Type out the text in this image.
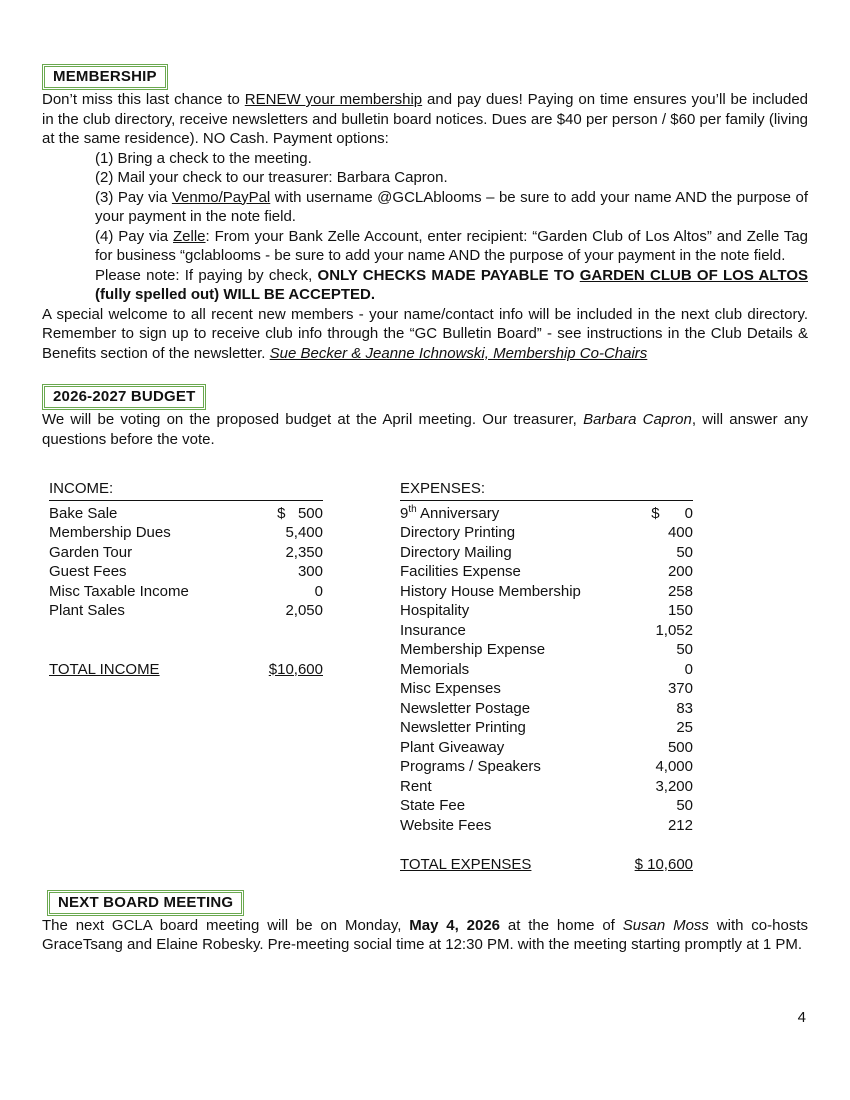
MEMBERSHIP

Don’t miss this last chance to RENEW your membership and pay dues! Paying on time ensures you’ll be included in the club directory, receive newsletters and bulletin board notices. Dues are $40 per person / $60 per family (living at the same residence). NO Cash. Payment options:

(1) Bring a check to the meeting.
(2) Mail your check to our treasurer: Barbara Capron.
(3) Pay via Venmo/PayPal with username @GCLAblooms – be sure to add your name AND the purpose of your payment in the note field.
(4) Pay via Zelle: From your Bank Zelle Account, enter recipient: “Garden Club of Los Altos” and Zelle Tag for business “gclablooms - be sure to add your name AND the purpose of your payment in the note field.
Please note: If paying by check, ONLY CHECKS MADE PAYABLE TO GARDEN CLUB OF LOS ALTOS (fully spelled out) WILL BE ACCEPTED.

A special welcome to all recent new members - your name/contact info will be included in the next club directory. Remember to sign up to receive club info through the “GC Bulletin Board” - see instructions in the Club Details & Benefits section of the newsletter. Sue Becker & Jeanne Ichnowski, Membership Co-Chairs

2026-2027 BUDGET

We will be voting on the proposed budget at the April meeting. Our treasurer, Barbara Capron, will answer any questions before the vote.

INCOME:
Bake Sale	$   500
Membership Dues	5,400
Garden Tour	2,350
Guest Fees	300
Misc Taxable Income	0
Plant Sales	2,050
TOTAL INCOME	$10,600
EXPENSES:
9th Anniversary	$      0
Directory Printing	400
Directory Mailing	50
Facilities Expense	200
History House Membership	258
Hospitality	150
Insurance	1,052
Membership Expense	50
Memorials	0
Misc Expenses	370
Newsletter Postage	83
Newsletter Printing	25
Plant Giveaway	500
Programs / Speakers	4,000
Rent	3,200
State Fee	50
Website Fees	212
TOTAL EXPENSES	$ 10,600
NEXT BOARD MEETING

The next GCLA board meeting will be on Monday, May 4, 2026 at the home of Susan Moss with co-hosts GraceTsang and Elaine Robesky. Pre-meeting social time at 12:30 PM. with the meeting starting promptly at 1 PM.

4
